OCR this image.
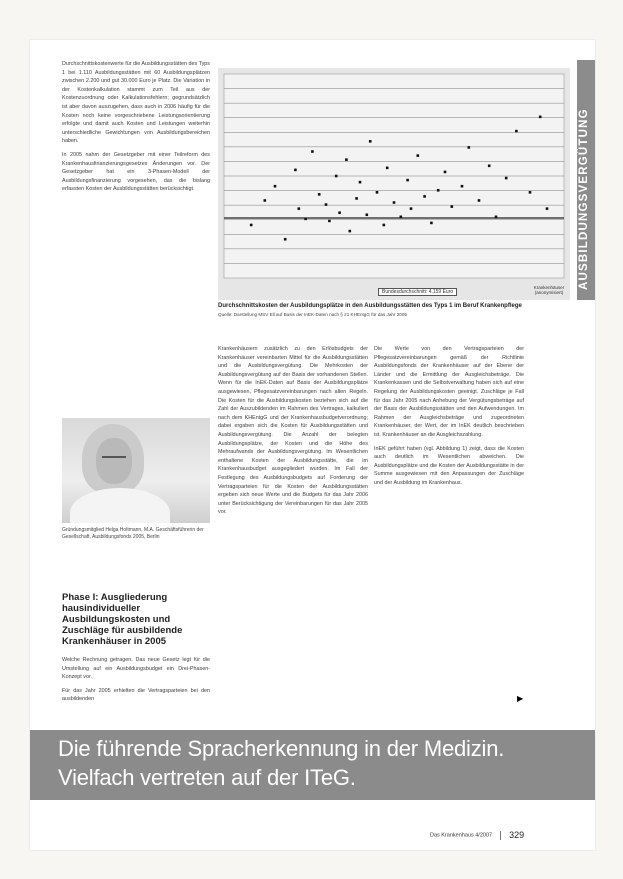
Durchschnittskostenwerte für die Ausbildungsstätten des Typs 1 bei 1.110 Ausbildungsstätten mit 60 Ausbildungsplätzen zwischen 2.200 und gut 30.000 Euro je Platz. Die Variation in der Kostenkalkulation stammt zum Teil aus der Kostenzuordnung oder Kalkulationsfehlern; gegrundsätzlich ist aber davon auszugehen, dass auch in 2006 häufig für die Kosten noch keine vorgeschriebene Leistungsorientierung erfolgte und damit auch Kosten und Leistungen weiterhin unterschiedliche Gewichtungen von Ausbildungsbereichen haben.

In 2005 nahm der Gesetzgeber mit einer Teilreform des Krankenhausfinanzierungsgesetzes Änderungen vor. Der Gesetzgeber hat ein 3-Phasen-Modell der Ausbildungsfinanzierung vorgesehen, das die bislang erfassten Kosten der Ausbildungsstätten berücksichtigt.	AUSBILDUNGSVERGÜTUNG
Bundesdurchschnitt: 4.159 Euro
Krankenhäuser (anonymisiert)
Durchschnittskosten der Ausbildungsplätze in den Ausbildungsstätten des Typs 1 im Beruf Krankenpflege
Quelle: Darstellung MSV Ell auf Basis der InEK-Daten nach § 21 KHEntgG für das Jahr 2005
Gründungsmitglied Helga Holtmann, M.A. Geschäftsführerin der Gesellschaft, Ausbildungsfonds 2005, Berlin
Phase I: Ausgliederung hausindividueller Ausbildungskosten und Zuschläge für ausbildende Krankenhäuser in 2005

Welche Rechnung getragen. Das neue Gesetz legt für die Umstellung auf ein Ausbildungsbudget ein Drei-Phasen-Konzept vor.

Für das Jahr 2005 erhielten die Vertragsparteien bei den ausbildenden

Krankenhäusern zusätzlich zu den Erlösbudgets der Krankenhäuser vereinbarten Mittel für die Ausbildungsstätten und die Ausbildungsvergütung. Die Mehrkosten der Ausbildungsvergütung auf der Basis der vorhandenen Stellen. Wenn für die InEK-Daten auf Basis der Ausbildungsplätze ausgewiesen, Pflegesatzvereinbarungen nach alten Regeln. Die Kosten für die Ausbildungskosten beziehen sich auf die Zahl der Auszubildenden im Rahmen des Vertrages, kalkuliert nach dem KHEntgG und der Krankenhausbudgetverordnung; dabei ergaben sich die Kosten für Ausbildungsstätten und Ausbildungsvergütung. Die Anzahl der belegten Ausbildungsplätze, der Kosten und die Höhe des Mehraufwands der Ausbildungsvergütung. Im Wesentlichen enthaltene Kosten der Ausbildungsstätte, die im Krankenhausbudget ausgegliedert wurden. Im Fall der Festlegung des Ausbildungsbudgets auf Forderung der Vertragsparteien für die Kosten der Ausbildungsstätten ergeben sich neue Werte und die Budgets für das Jahr 2006 unter Berücksichtigung der Vereinbarungen für das Jahr 2005 vor.

Die Werte von den Vertragsparteien der Pflegesatzvereinbarungen gemäß der Richtlinie Ausbildungsfonds der Krankenhäuser auf der Ebene der Länder und die Ermittlung der Ausgleichsbeträge. Die Krankenkassen und die Selbstverwaltung haben sich auf eine Regelung der Ausbildungskosten geeinigt. Zuschläge je Fall für das Jahr 2005 nach Anhebung der Vergütungsbeträge auf der Basis der Ausbildungsstätten und den Aufwendungen. Im Rahmen der Ausgleichsbeträge und zugeordneten Krankenhäuser, der Wert, der im InEK deutlich beschrieben ist. Krankenhäuser an die Ausgleichszahlung.

InEK geführt haben (vgl. Abbildung 1) zeigt, dass die Kosten auch deutlich im Wesentlichen abweichen. Die Ausbildungsplätze und die Kosten der Ausbildungsstätte in der Summe ausgewiesen mit den Anpassungen der Zuschläge und der Ausbildung im Krankenhaus.

▶
Die führende Spracherkennung in der Medizin.
Vielfach vertreten auf der ITeG.
Das Krankenhaus 4/2007 329
